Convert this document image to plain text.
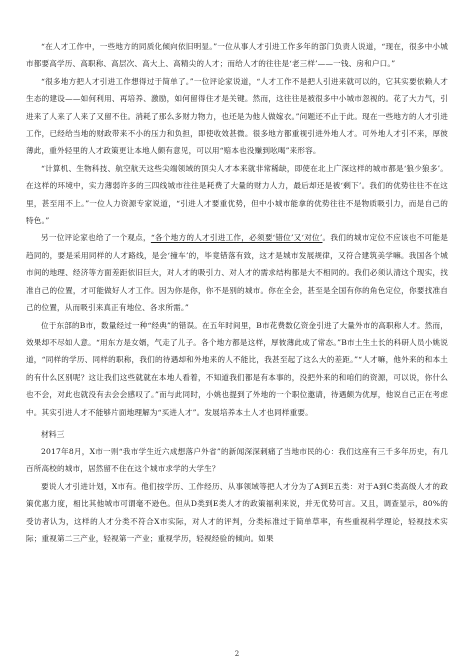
“在人才工作中，一些地方的同质化倾向依旧明显。”一位从事人才引进工作多年的部门负责人说道，“现在，很多中小城市都要高学历、高职称、高层次、高大上、高精尖的人才；而给人才的往往是‘老三样’——一钱、房和户口。”

“很多地方把人才引进工作想得过于简单了。”一位评论家说道，“人才工作不是把人引进来就可以的，它其实要依赖人才生态的建设——如何利用、再培养、激励，如何留得住才是关键。然而，这往往是被很多中小城市忽视的。花了大力气，引进来了人来了人来了又留不住。消耗了那么多财力物力，也还是为他人做嫁衣。”问题还不止于此。现在一些地方的人才引进工作，已经给当地的财政带来不小的压力和负担，即使收效甚微。很多地方都重视引进外地人才。可外地人才引不来，厚彼薄此，重外轻里的人才政策更让本地人颇有意见，可以用“赔本也没赚到吆喝”来形容。

“计算机、生物科技、航空航天这些尖端领域的顶尖人才本来就非常稀缺，即使在北上广深这样的城市都是‘狼少狼多’。在这样的环境中，实力薄弱许多的三四线城市往往是耗费了大量的财力人力，最后却还是被‘剩下’。我们的优势往往不在这里，甚至用不上。”一位人力资源专家说道，“引进人才要重优势，但中小城市能拿的优势往往不是物质吸引力，而是自己的特色。”

另一位评论家也给了一个观点，“各个地方的人才引进工作，必须要‘错位’又‘对位’。我们的城市定位不应该也不可能是趋同的，要是采用同样的人才路线，是会‘撞车’的，毕竟错落有致，这才是城市发展规律，又符合建筑美学嘛。我国各个城市间的地理、经济等方面差距依旧巨大，对人才的吸引力、对人才的需求结构都是大不相同的。我们必须认清这个现实，找准自己的位置，才可能做好人才工作。因为你是你，你不是别的城市。你在全会，甚至是全国有你的角色定位，你要找准自己的位置，从而吸引来真正有地位、各求所需。”

位于东部的B市，数量经过一种“经典”的错误。在五年时间里，B市花费数亿资金引进了大量外市的高职称人才。然而，效果却不尽如人意。“用东方是女婿，气走了儿子。各个地方都是这样，厚彼薄此成了常态。”B市土生土长的科研人员小姚说道，“同样的学历、同样的职称，我们的待遇却和外地来的人不能比，我甚至起了这么大的差距。”“人才嘛，他外来的和本土的有什么区别呢？这让我们这些就就在本地人看着，不知道我们都是有本事的，没把外来的和咱们的资源，可以说，你什么也不会，对此也就没有去会会感叹了。”而与此同时，小姚也提到了外地的一个职位邀请，待遇颇为优厚，他说自己正在考虑中。其实引进人才不能够片面地理解为“买进人才”。发展培养本土人才也同样重要。

材料三

2017年8月，X市一则“我市学生近六成想落户外省”的新闻深深刺痛了当地市民的心：我们这座有三千多年历史，有几百所高校的城市，居然留不住在这个城市求学的大学生？

要说人才引进计划，X市有。他们按学历、工作经历、从事领域等把人才分为了A到E五类：对于A到C类高级人才的政策优惠力度，相比其他城市可谓毫不逊色。但从D类到E类人才的政策福利来说，并无优势可言。又且，调查显示，80%的受访者认为，这样的人才分类不符合X市实际，对人才的评判，分类标准过于简单草率，有些重视科学理论，轻视技术实际；重视第二三产业，轻视第一产业；重视学历，轻视经验的倾向。如果

2
